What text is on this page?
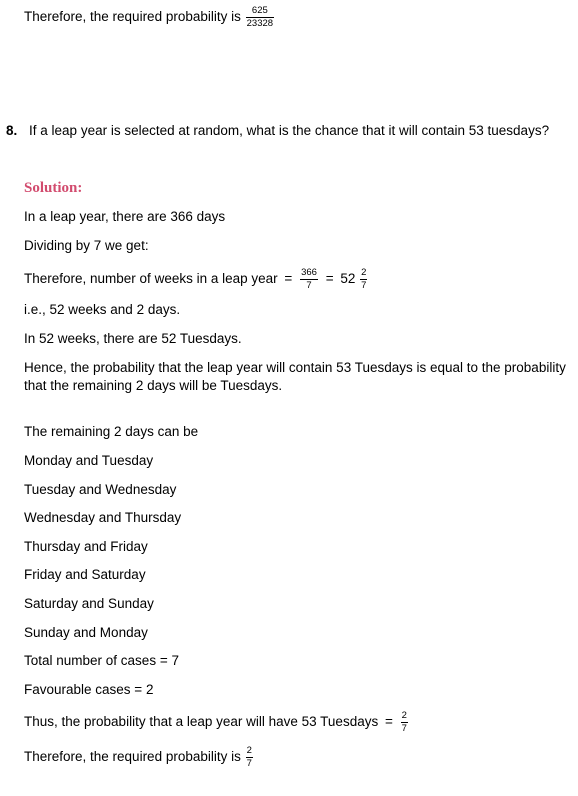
Therefore, the required probability is $\frac{625}{23328}$
8. If a leap year is selected at random, what is the chance that it will contain 53 tuesdays?
Solution:
In a leap year, there are 366 days
Dividing by 7 we get:
Therefore, number of weeks in a leap year = $\frac{366}{7} = 52 \frac{2}{7}$
i.e., 52 weeks and 2 days.
In 52 weeks, there are 52 Tuesdays.
Hence, the probability that the leap year will contain 53 Tuesdays is equal to the probability
that the remaining 2 days will be Tuesdays.
The remaining 2 days can be
Monday and Tuesday
Tuesday and Wednesday
Wednesday and Thursday
Thursday and Friday
Friday and Saturday
Saturday and Sunday
Sunday and Monday
Total number of cases = 7
Favourable cases = 2
Thus, the probability that a leap year will have 53 Tuesdays = $\frac{2}{7}$
Therefore, the required probability is $\frac{2}{7}$
